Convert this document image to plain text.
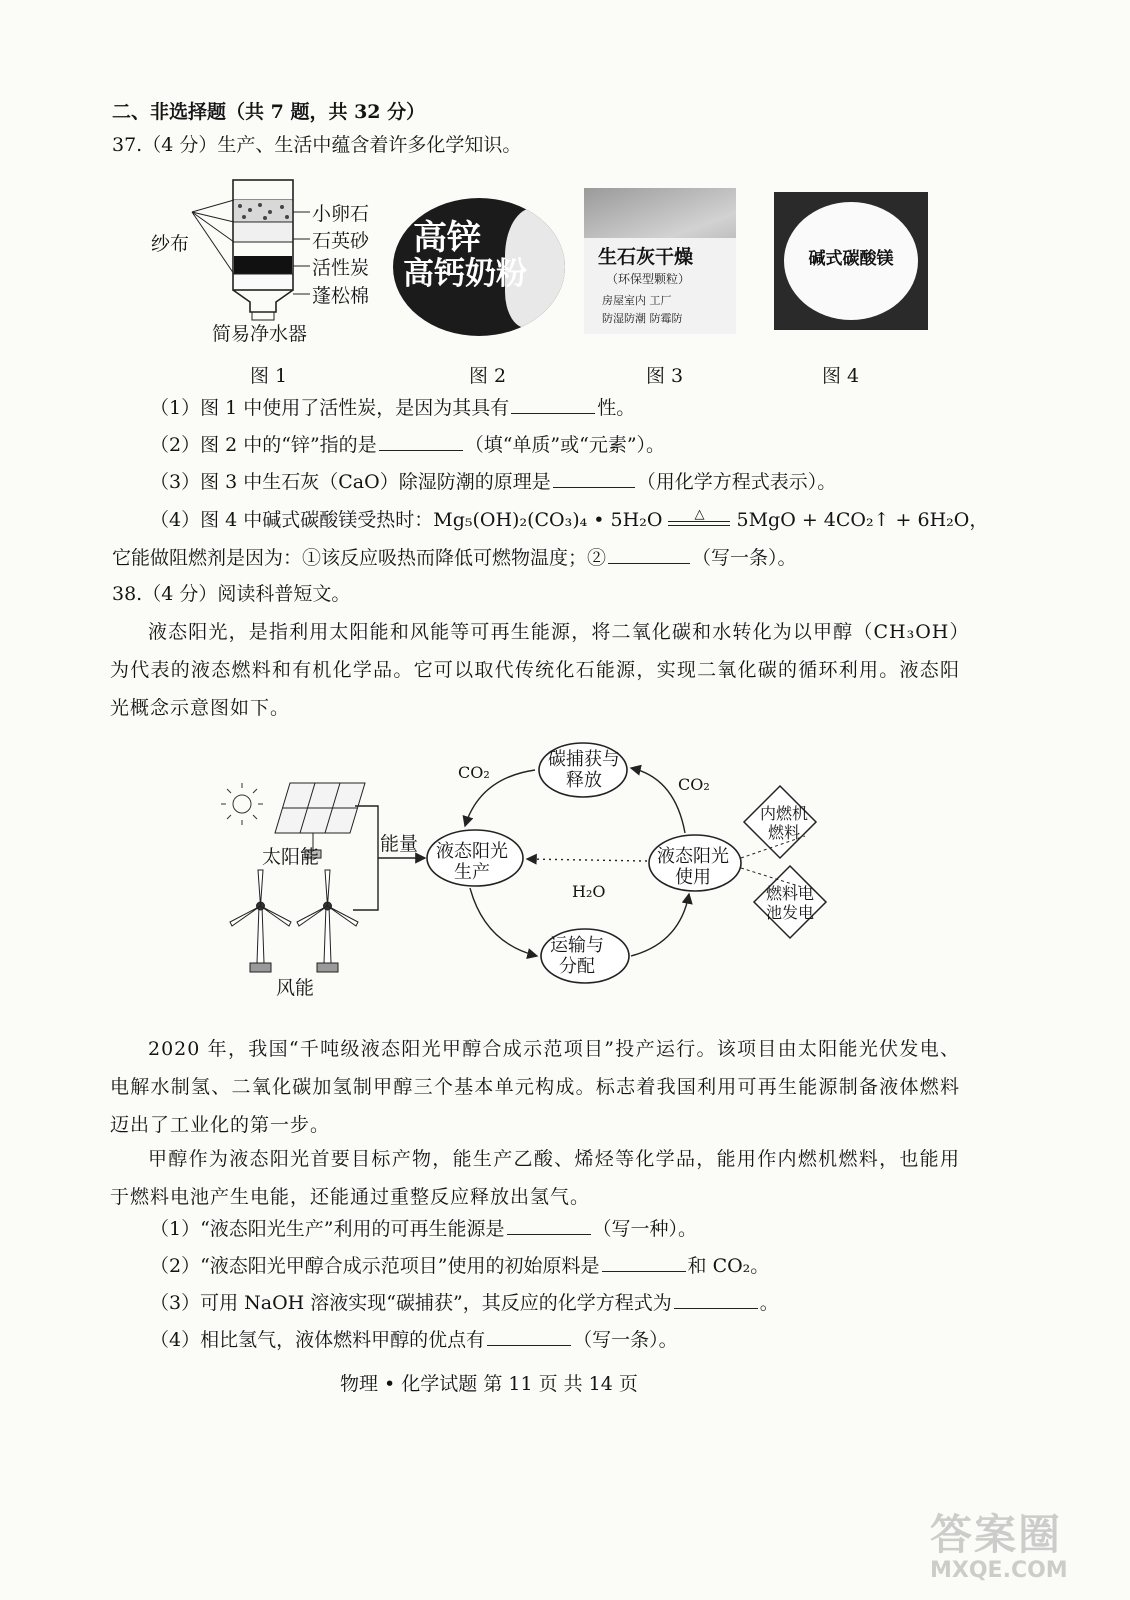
二、非选择题（共 7 题，共 32 分）
37.（4 分）生产、生活中蕴含着许多化学知识。
纱布
小卵石
石英砂
活性炭
蓬松棉
简易净水器
高锌
高钙奶粉	生石灰干燥
（环保型颗粒）
房屋室内 工厂
防湿防潮 防霉防
碱式碳酸镁
图 1	图 2	图 3	图 4
（1）图 1 中使用了活性炭，是因为其具有	性。
（2）图 2 中的“锌”指的是	（填“单质”或“元素”）。
（3）图 3 中生石灰（CaO）除湿防潮的原理是	（用化学方程式表示）。
（4）图 4 中碱式碳酸镁受热时：Mg₅(OH)₂(CO₃)₄ • 5H₂O	△	5MgO + 4CO₂↑ + 6H₂O，
它能做阻燃剂是因为：①该反应吸热而降低可燃物温度；②	（写一条）。
38.（4 分）阅读科普短文。
液态阳光，是指利用太阳能和风能等可再生能源，将二氧化碳和水转化为以甲醇（CH₃OH）为代表的液态燃料和有机化学品。它可以取代传统化石能源，实现二氧化碳的循环利用。液态阳光概念示意图如下。
太阳能
风能
能量 液态阳光
生产
液态阳光
使用
碳捕获与
释放
运输与
分配
CO₂
CO₂
H₂O
内燃机
燃料
燃料电
池发电
2020 年，我国“千吨级液态阳光甲醇合成示范项目”投产运行。该项目由太阳能光伏发电、电解水制氢、二氧化碳加氢制甲醇三个基本单元构成。标志着我国利用可再生能源制备液体燃料迈出了工业化的第一步。
甲醇作为液态阳光首要目标产物，能生产乙酸、烯烃等化学品，能用作内燃机燃料，也能用于燃料电池产生电能，还能通过重整反应释放出氢气。
（1）“液态阳光生产”利用的可再生能源是	（写一种）。
（2）“液态阳光甲醇合成示范项目”使用的初始原料是	和 CO₂。
（3）可用 NaOH 溶液实现“碳捕获”，其反应的化学方程式为	。
（4）相比氢气，液体燃料甲醇的优点有	（写一条）。
物理 • 化学试题 第 11 页 共 14 页
答案圈
MXQE.COM
